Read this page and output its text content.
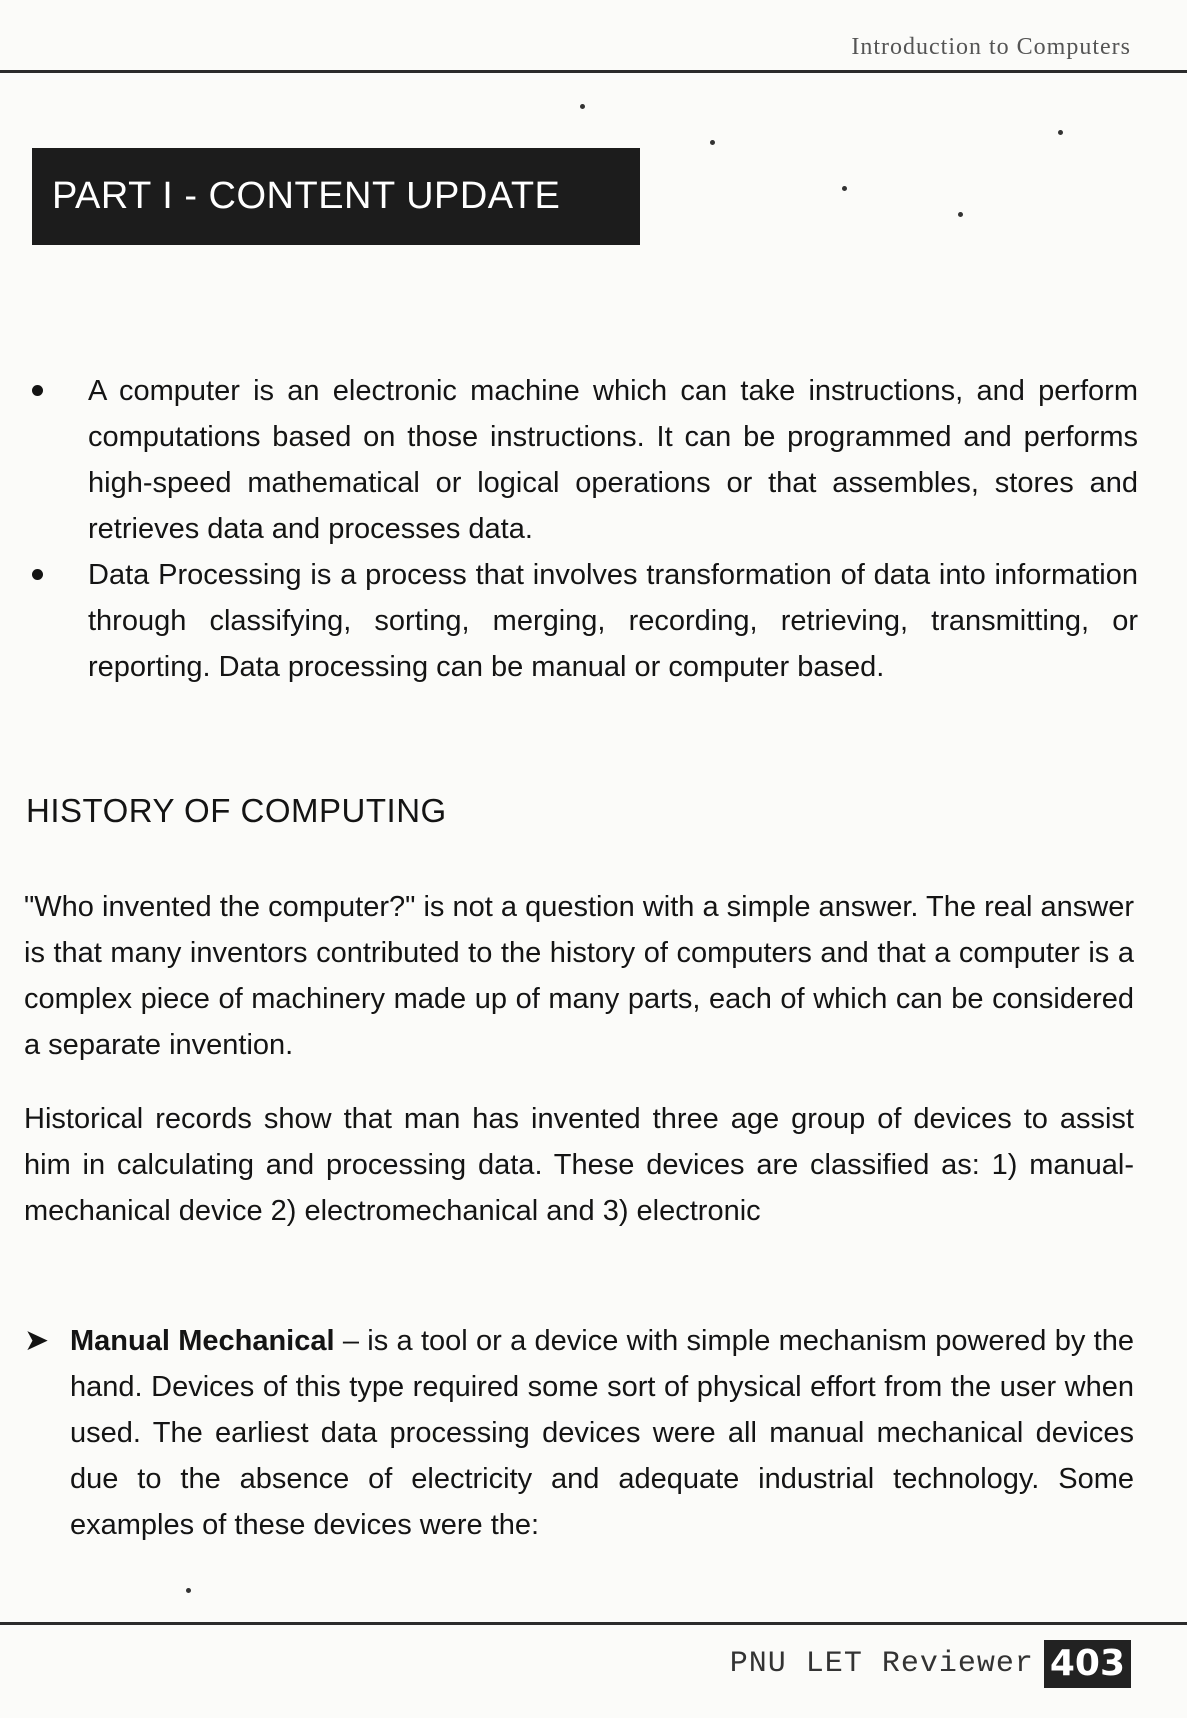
Introduction to Computers
PART I - CONTENT UPDATE
A computer is an electronic machine which can take instructions, and perform computations based on those instructions. It can be programmed and performs high-speed mathematical or logical operations or that assembles, stores and retrieves data and processes data.
Data Processing is a process that involves transformation of data into information through classifying, sorting, merging, recording, retrieving, transmitting, or reporting. Data processing can be manual or computer based.
HISTORY OF COMPUTING

"Who invented the computer?" is not a question with a simple answer. The real answer is that many inventors contributed to the history of computers and that a computer is a complex piece of machinery made up of many parts, each of which can be considered a separate invention.

Historical records show that man has invented three age group of devices to assist him in calculating and processing data. These devices are classified as: 1) manual-mechanical device 2) electromechanical and 3) electronic

➤ Manual Mechanical – is a tool or a device with simple mechanism powered by the hand. Devices of this type required some sort of physical effort from the user when used. The earliest data processing devices were all manual mechanical devices due to the absence of electricity and adequate industrial technology. Some examples of these devices were the:
PNU LET Reviewer 403
